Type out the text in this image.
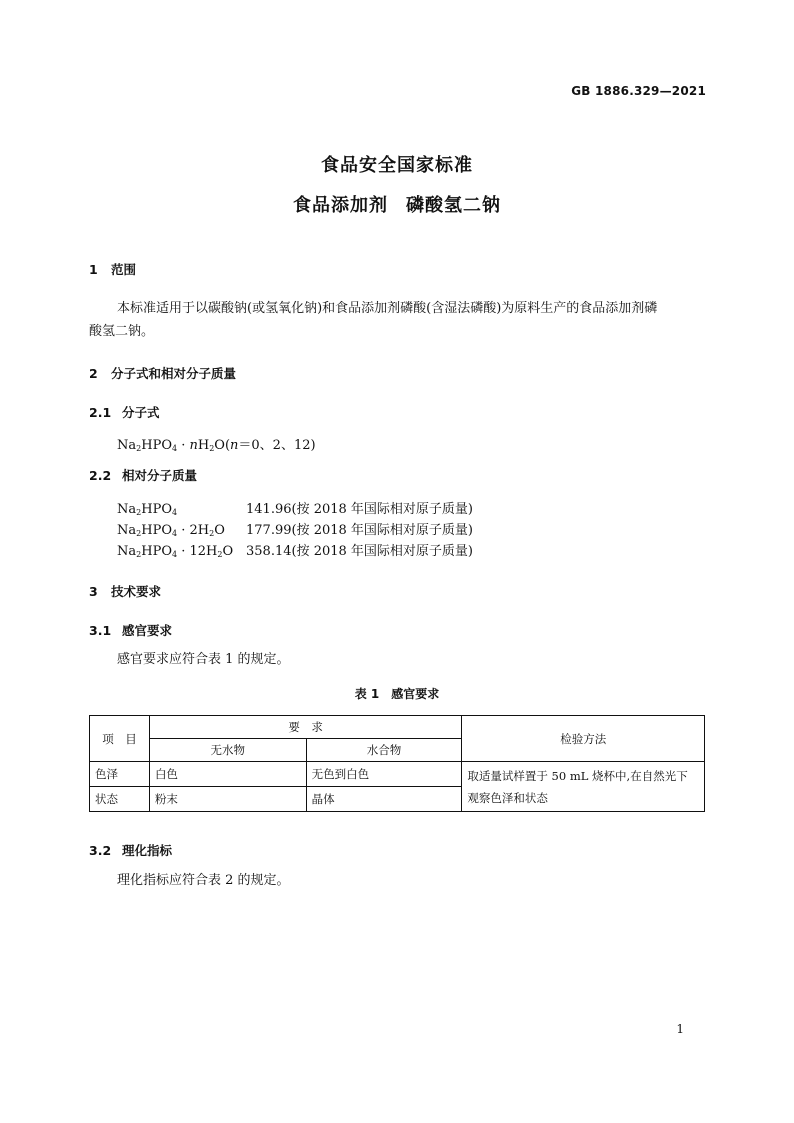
GB 1886.329—2021
食品安全国家标准
食品添加剂 磷酸氢二钠
1 范围
本标准适用于以碳酸钠(或氢氧化钠)和食品添加剂磷酸(含湿法磷酸)为原料生产的食品添加剂磷
酸氢二钠。
2 分子式和相对分子质量
2.1 分子式
$Na_2HPO_4 \cdot nH_2O(n=0$、2、12)
2.2 相对分子质量
$Na_2HPO_4$	141.96(按 2018 年国际相对原子质量)
$Na_2HPO_4 \cdot 2H_2O$ 177.99(按 2018 年国际相对原子质量)
$Na_2HPO_4 \cdot 12H_2O$ 358.14(按 2018 年国际相对原子质量)
3 技术要求
3.1 感官要求
感官要求应符合表 1 的规定。
表 1 感官要求
项　目	要　求		检验方法
	无水物	水合物	
色泽	白色	无色到白色	取适量试样置于 50 mL 烧杯中,在自然光下
观察色泽和状态
状态	粉末	晶体	
3.2 理化指标
理化指标应符合表 2 的规定。
1
